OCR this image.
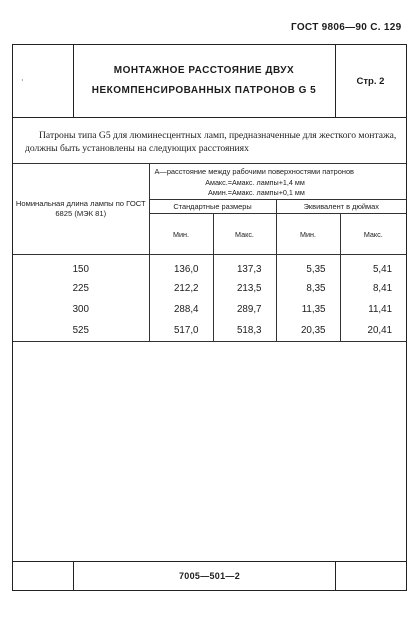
ГОСТ 9806—90 С. 129
·
МОНТАЖНОЕ РАССТОЯНИЕ ДВУХ
НЕКОМПЕНСИРОВАННЫХ ПАТРОНОВ G 5
Стр. 2
Патроны типа G5 для люминесцентных ламп, предназначенные для жесткого монтажа, должны быть установлены на следующих расстояниях
Номинальная длина лампы по ГОСТ 6825 (МЭК 81)	A—расстояние между рабочими поверхностями патронов
Aмакс.=Aмакс. лампы+1,4 мм
Aмин.=Aмакс. лампы+0,1 мм			

	Стандартные размеры		Эквивалент в дюймах	
	Мин.	Макс.	Мин.	Макс.
150	136,0	137,3	5,35	5,41
225	212,2	213,5	8,35	8,41
300	288,4	289,7	11,35	11,41
525	517,0	518,3	20,35	20,41
7005—501—2
